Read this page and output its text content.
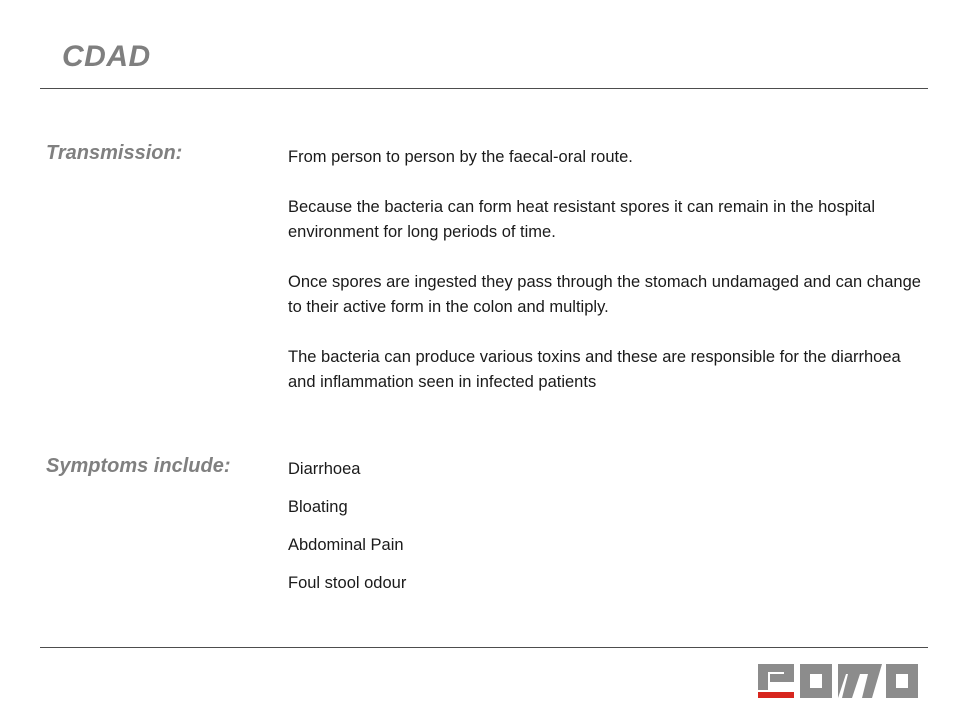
CDAD
Transmission:	From person to person by the faecal-oral route.

Because the bacteria can form heat resistant spores it can remain in the hospital environment for long periods of time.

Once spores are ingested they pass through the stomach undamaged and can change to their active form in the colon and multiply.

The bacteria can produce various toxins and these are responsible for the diarrhoea and inflammation seen in infected patients

Symptoms include:	Diarrhoea
Bloating
Abdominal Pain
Foul stool odour
